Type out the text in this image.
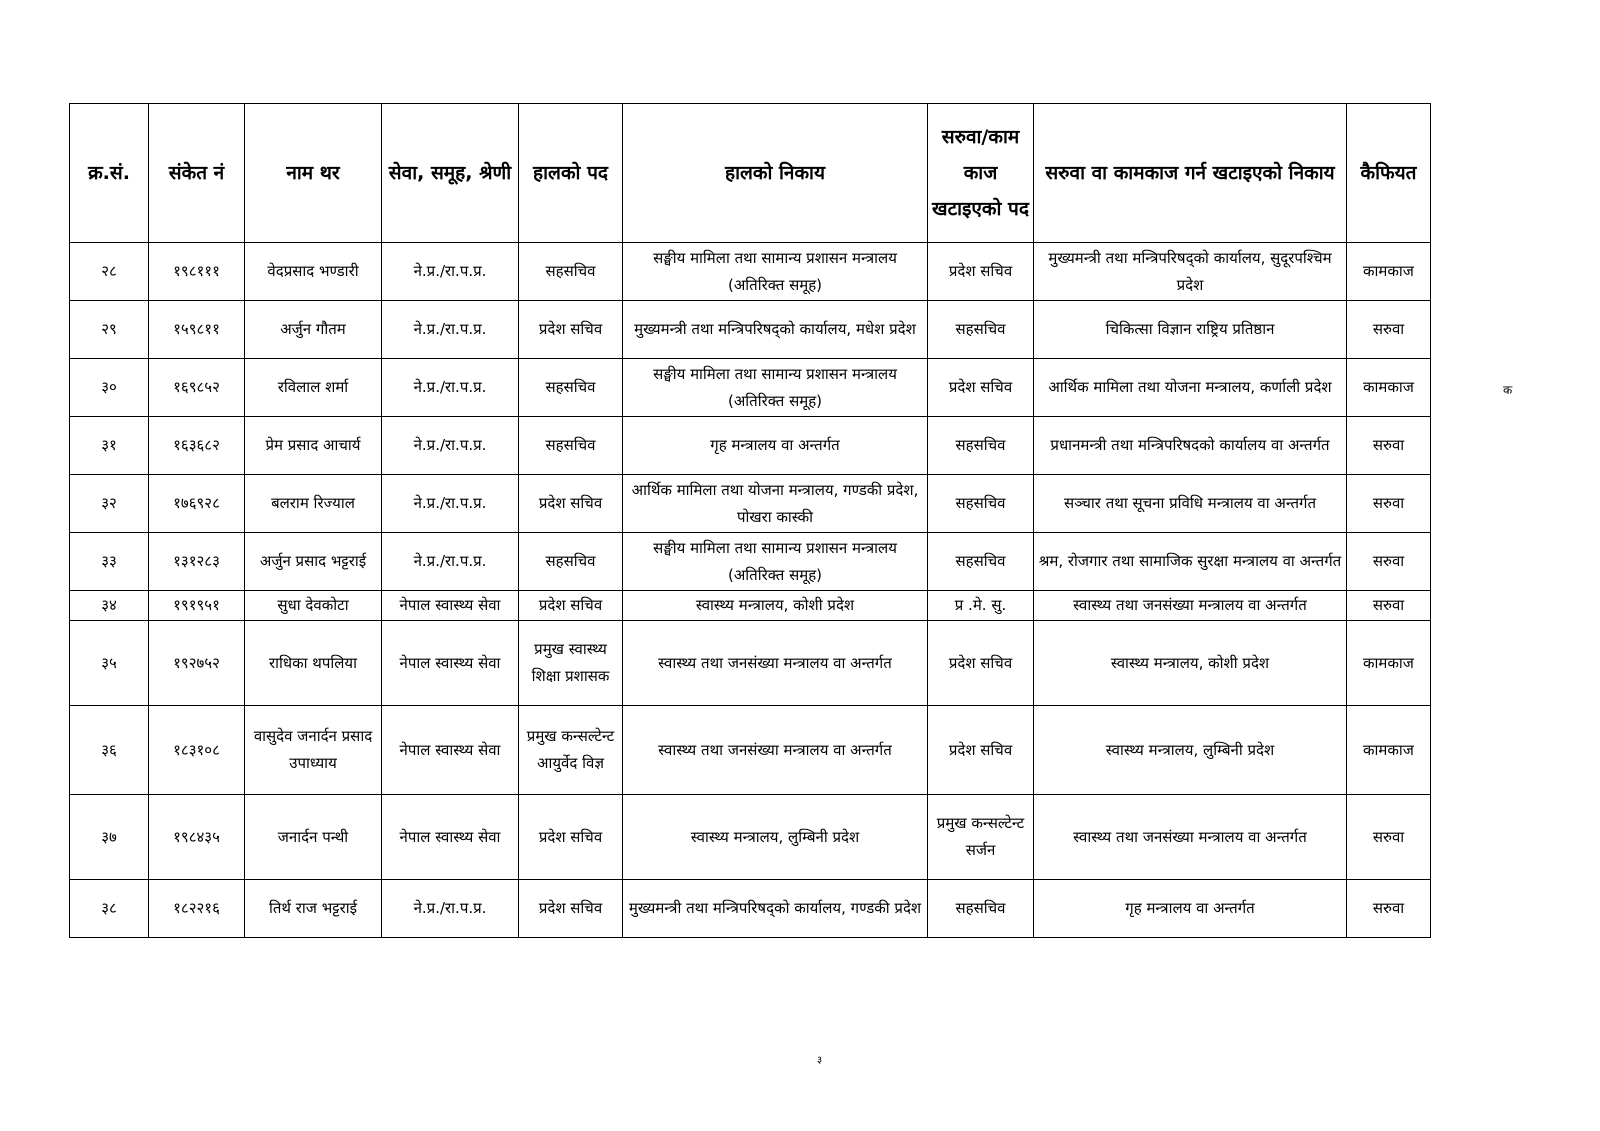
क्र.सं.	संकेत नं	नाम थर	सेवा, समूह, श्रेणी	हालको पद	हालको निकाय	सरुवा/काम काज खटाइएको पद	सरुवा वा कामकाज गर्न खटाइएको निकाय	कैफियत
२८	१९८१११	वेदप्रसाद भण्डारी	ने.प्र./रा.प.प्र.	सहसचिव	सङ्घीय मामिला तथा सामान्य प्रशासन मन्त्रालय (अतिरिक्त समूह)	प्रदेश सचिव	मुख्यमन्त्री तथा मन्त्रिपरिषद्को कार्यालय, सुदूरपश्चिम प्रदेश	कामकाज
२९	१५९८११	अर्जुन गौतम	ने.प्र./रा.प.प्र.	प्रदेश सचिव	मुख्यमन्त्री तथा मन्त्रिपरिषद्को कार्यालय, मधेश प्रदेश	सहसचिव	चिकित्सा विज्ञान राष्ट्रिय प्रतिष्ठान	सरुवा
३०	१६९८५२	रविलाल शर्मा	ने.प्र./रा.प.प्र.	सहसचिव	सङ्घीय मामिला तथा सामान्य प्रशासन मन्त्रालय (अतिरिक्त समूह)	प्रदेश सचिव	आर्थिक मामिला तथा योजना मन्त्रालय, कर्णाली प्रदेश	कामकाज
३१	१६३६८२	प्रेम प्रसाद आचार्य	ने.प्र./रा.प.प्र.	सहसचिव	गृह मन्त्रालय वा अन्तर्गत	सहसचिव	प्रधानमन्त्री तथा मन्त्रिपरिषदको कार्यालय वा अन्तर्गत	सरुवा
३२	१७६९२८	बलराम रिज्याल	ने.प्र./रा.प.प्र.	प्रदेश सचिव	आर्थिक मामिला तथा योजना मन्त्रालय, गण्डकी प्रदेश, पोखरा कास्की	सहसचिव	सञ्चार तथा सूचना प्रविधि मन्त्रालय वा अन्तर्गत	सरुवा
३३	१३१२८३	अर्जुन प्रसाद भट्टराई	ने.प्र./रा.प.प्र.	सहसचिव	सङ्घीय मामिला तथा सामान्य प्रशासन मन्त्रालय (अतिरिक्त समूह)	सहसचिव	श्रम, रोजगार तथा सामाजिक सुरक्षा मन्त्रालय वा अन्तर्गत	सरुवा
३४	१९१९५१	सुधा देवकोटा	नेपाल स्वास्थ्य सेवा	प्रदेश सचिव	स्वास्थ्य मन्त्रालय, कोशी प्रदेश	प्र .मे. सु.	स्वास्थ्य तथा जनसंख्या मन्त्रालय वा अन्तर्गत	सरुवा
३५	१९२७५२	राधिका थपलिया	नेपाल स्वास्थ्य सेवा	प्रमुख स्वास्थ्य शिक्षा प्रशासक	स्वास्थ्य तथा जनसंख्या मन्त्रालय वा अन्तर्गत	प्रदेश सचिव	स्वास्थ्य मन्त्रालय, कोशी प्रदेश	कामकाज
३६	१८३१०८	वासुदेव जनार्दन प्रसाद उपाध्याय	नेपाल स्वास्थ्य सेवा	प्रमुख कन्सल्टेन्ट आयुर्वेद विज्ञ	स्वास्थ्य तथा जनसंख्या मन्त्रालय वा अन्तर्गत	प्रदेश सचिव	स्वास्थ्य मन्त्रालय, लुम्बिनी प्रदेश	कामकाज
३७	१९८४३५	जनार्दन पन्थी	नेपाल स्वास्थ्य सेवा	प्रदेश सचिव	स्वास्थ्य मन्त्रालय, लुम्बिनी प्रदेश	प्रमुख कन्सल्टेन्ट सर्जन	स्वास्थ्य तथा जनसंख्या मन्त्रालय वा अन्तर्गत	सरुवा
३८	१८२२१६	तिर्थ राज भट्टराई	ने.प्र./रा.प.प्र.	प्रदेश सचिव	मुख्यमन्त्री तथा मन्त्रिपरिषद्को कार्यालय, गण्डकी प्रदेश	सहसचिव	गृह मन्त्रालय वा अन्तर्गत	सरुवा
क
३
